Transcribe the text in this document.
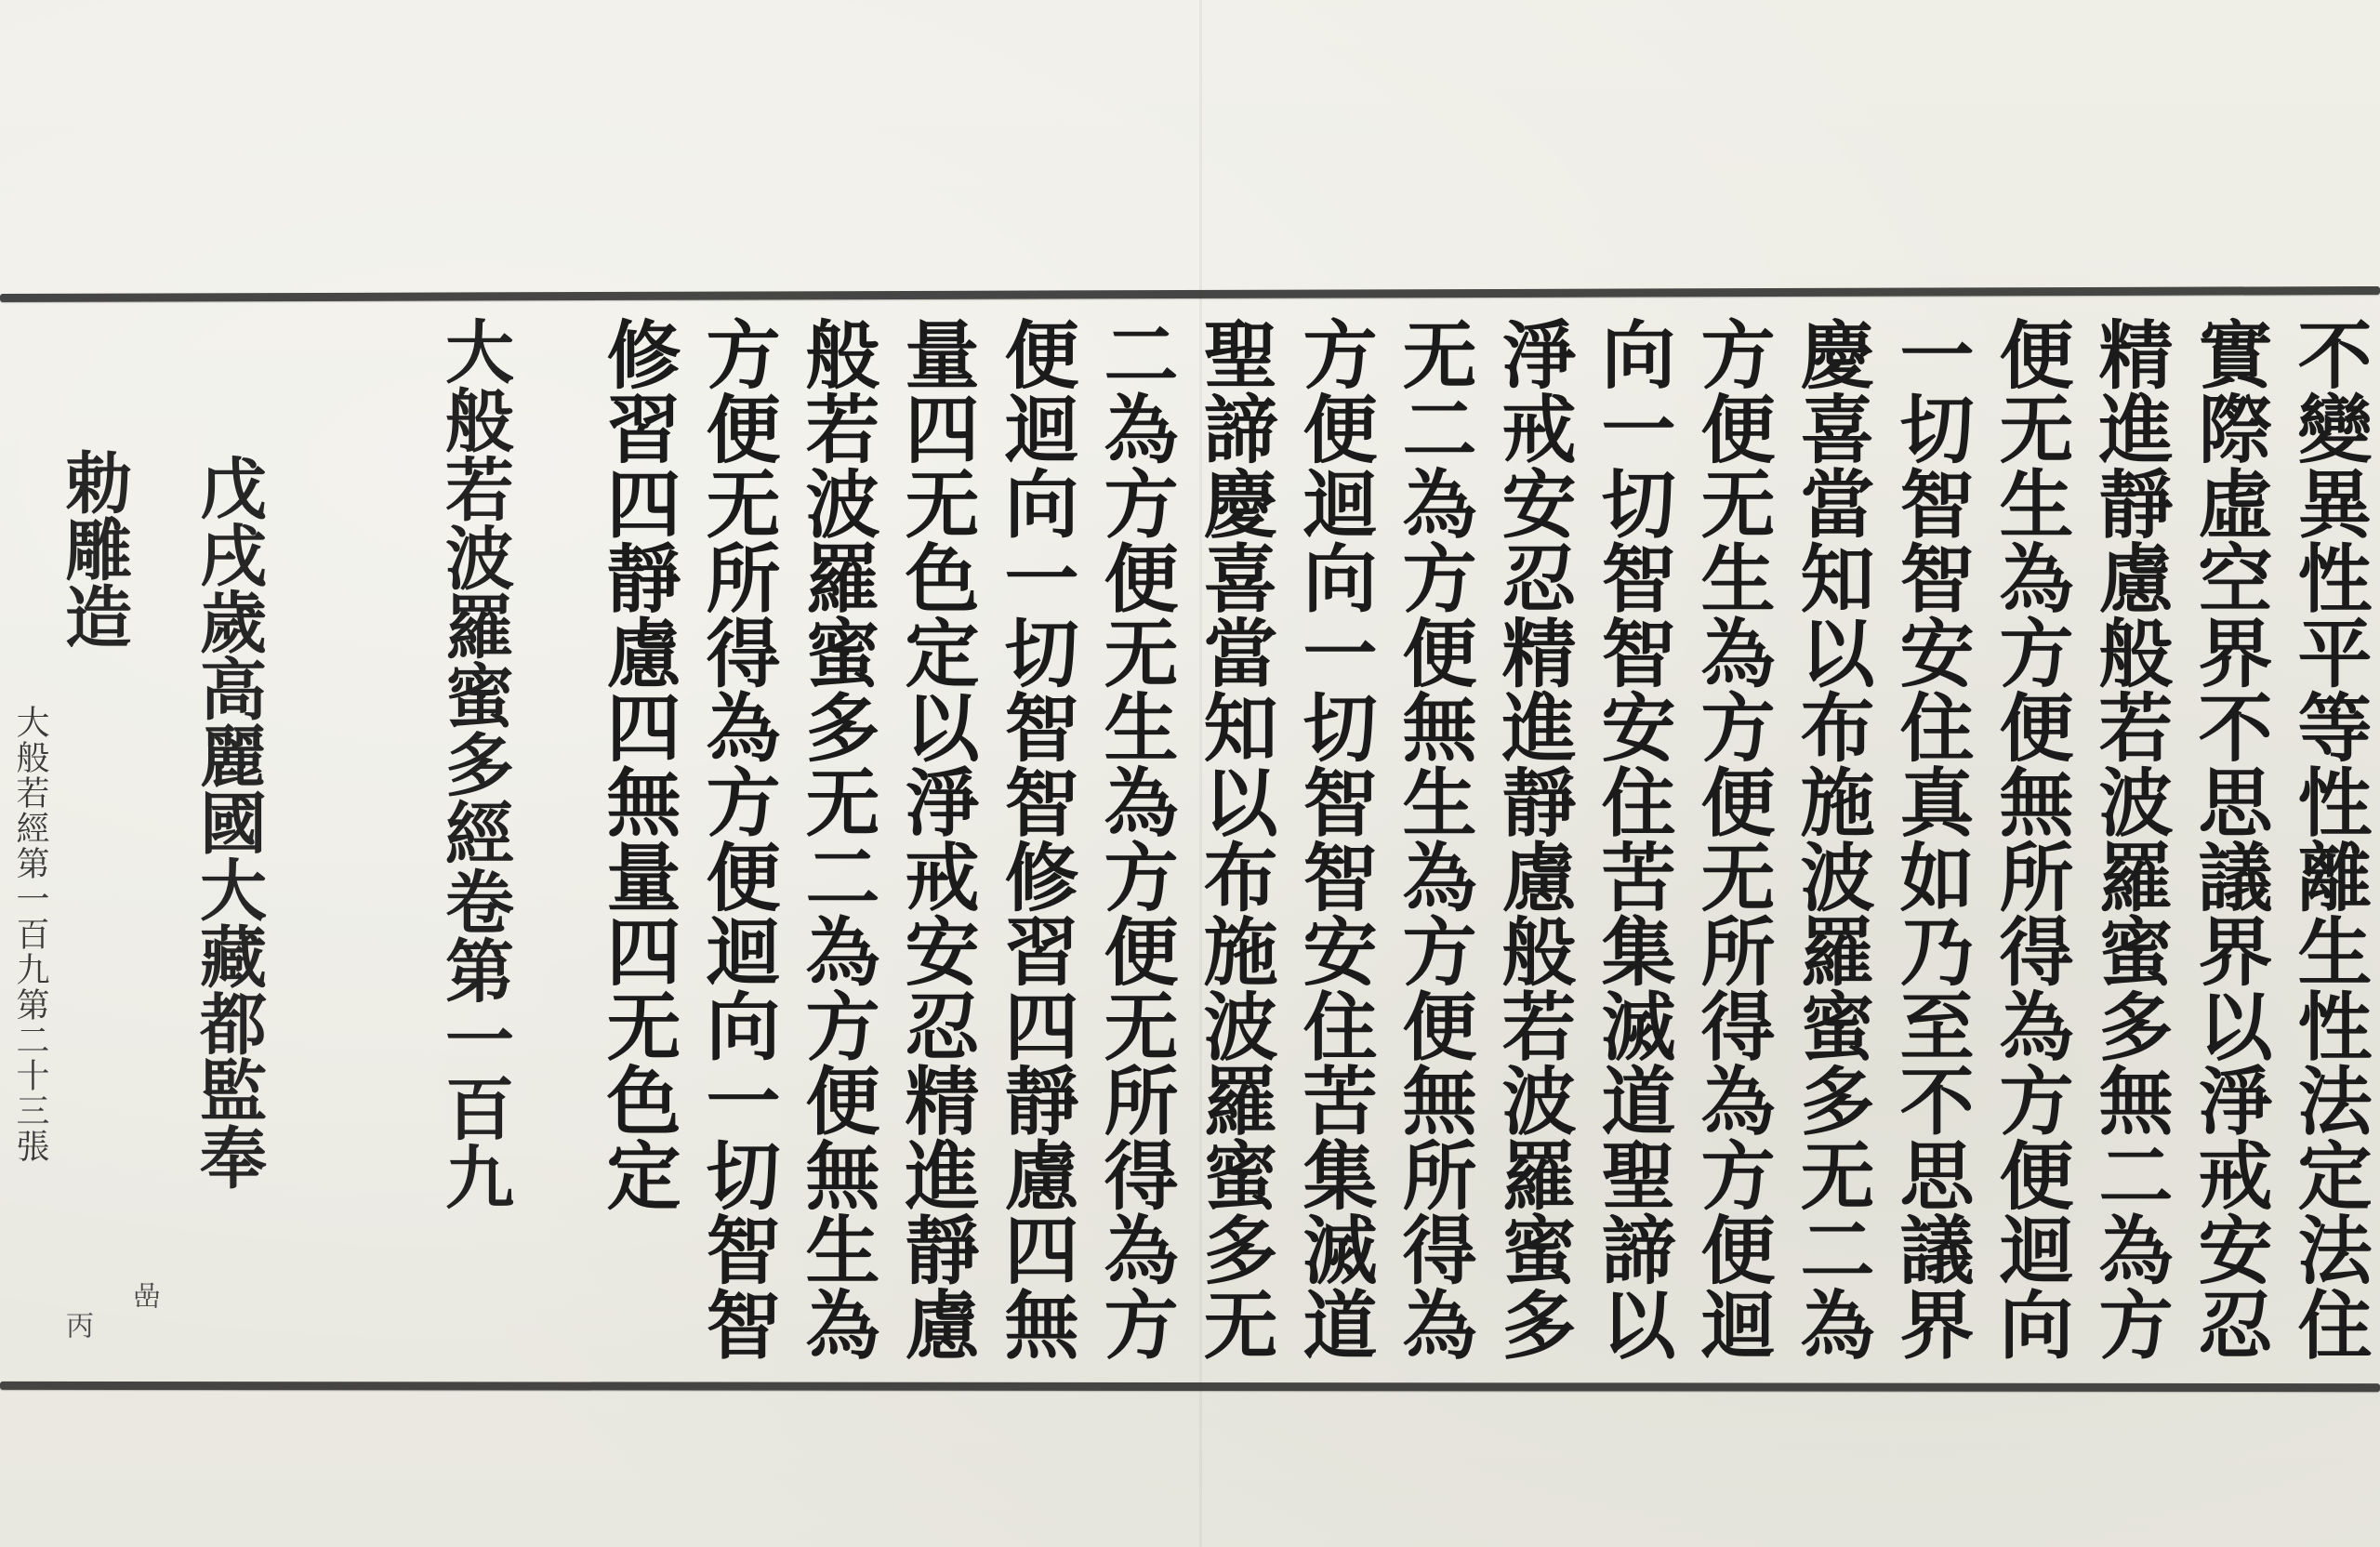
不變異性平等性離生性法定法住
實際虛空界不思議界以淨戒安忍
精進靜慮般若波羅蜜多無二為方
便无生為方便無所得為方便迴向
一切智智安住真如乃至不思議界
慶喜當知以布施波羅蜜多无二為
方便无生為方便无所得為方便迴
向一切智智安住苦集滅道聖諦以
淨戒安忍精進靜慮般若波羅蜜多
无二為方便無生為方便無所得為
方便迴向一切智智安住苦集滅道
聖諦慶喜當知以布施波羅蜜多无
二為方便无生為方便无所得為方
便迴向一切智智修習四靜慮四無
量四无色定以淨戒安忍精進靜慮
般若波羅蜜多无二為方便無生為
方便无所得為方便迴向一切智智
修習四靜慮四無量四无色定
大般若波羅蜜多經卷第一百九
戊戌歲高麗國大藏都監奉
勅雕造
大般若經第一百九第二十三張
嵒
丙
